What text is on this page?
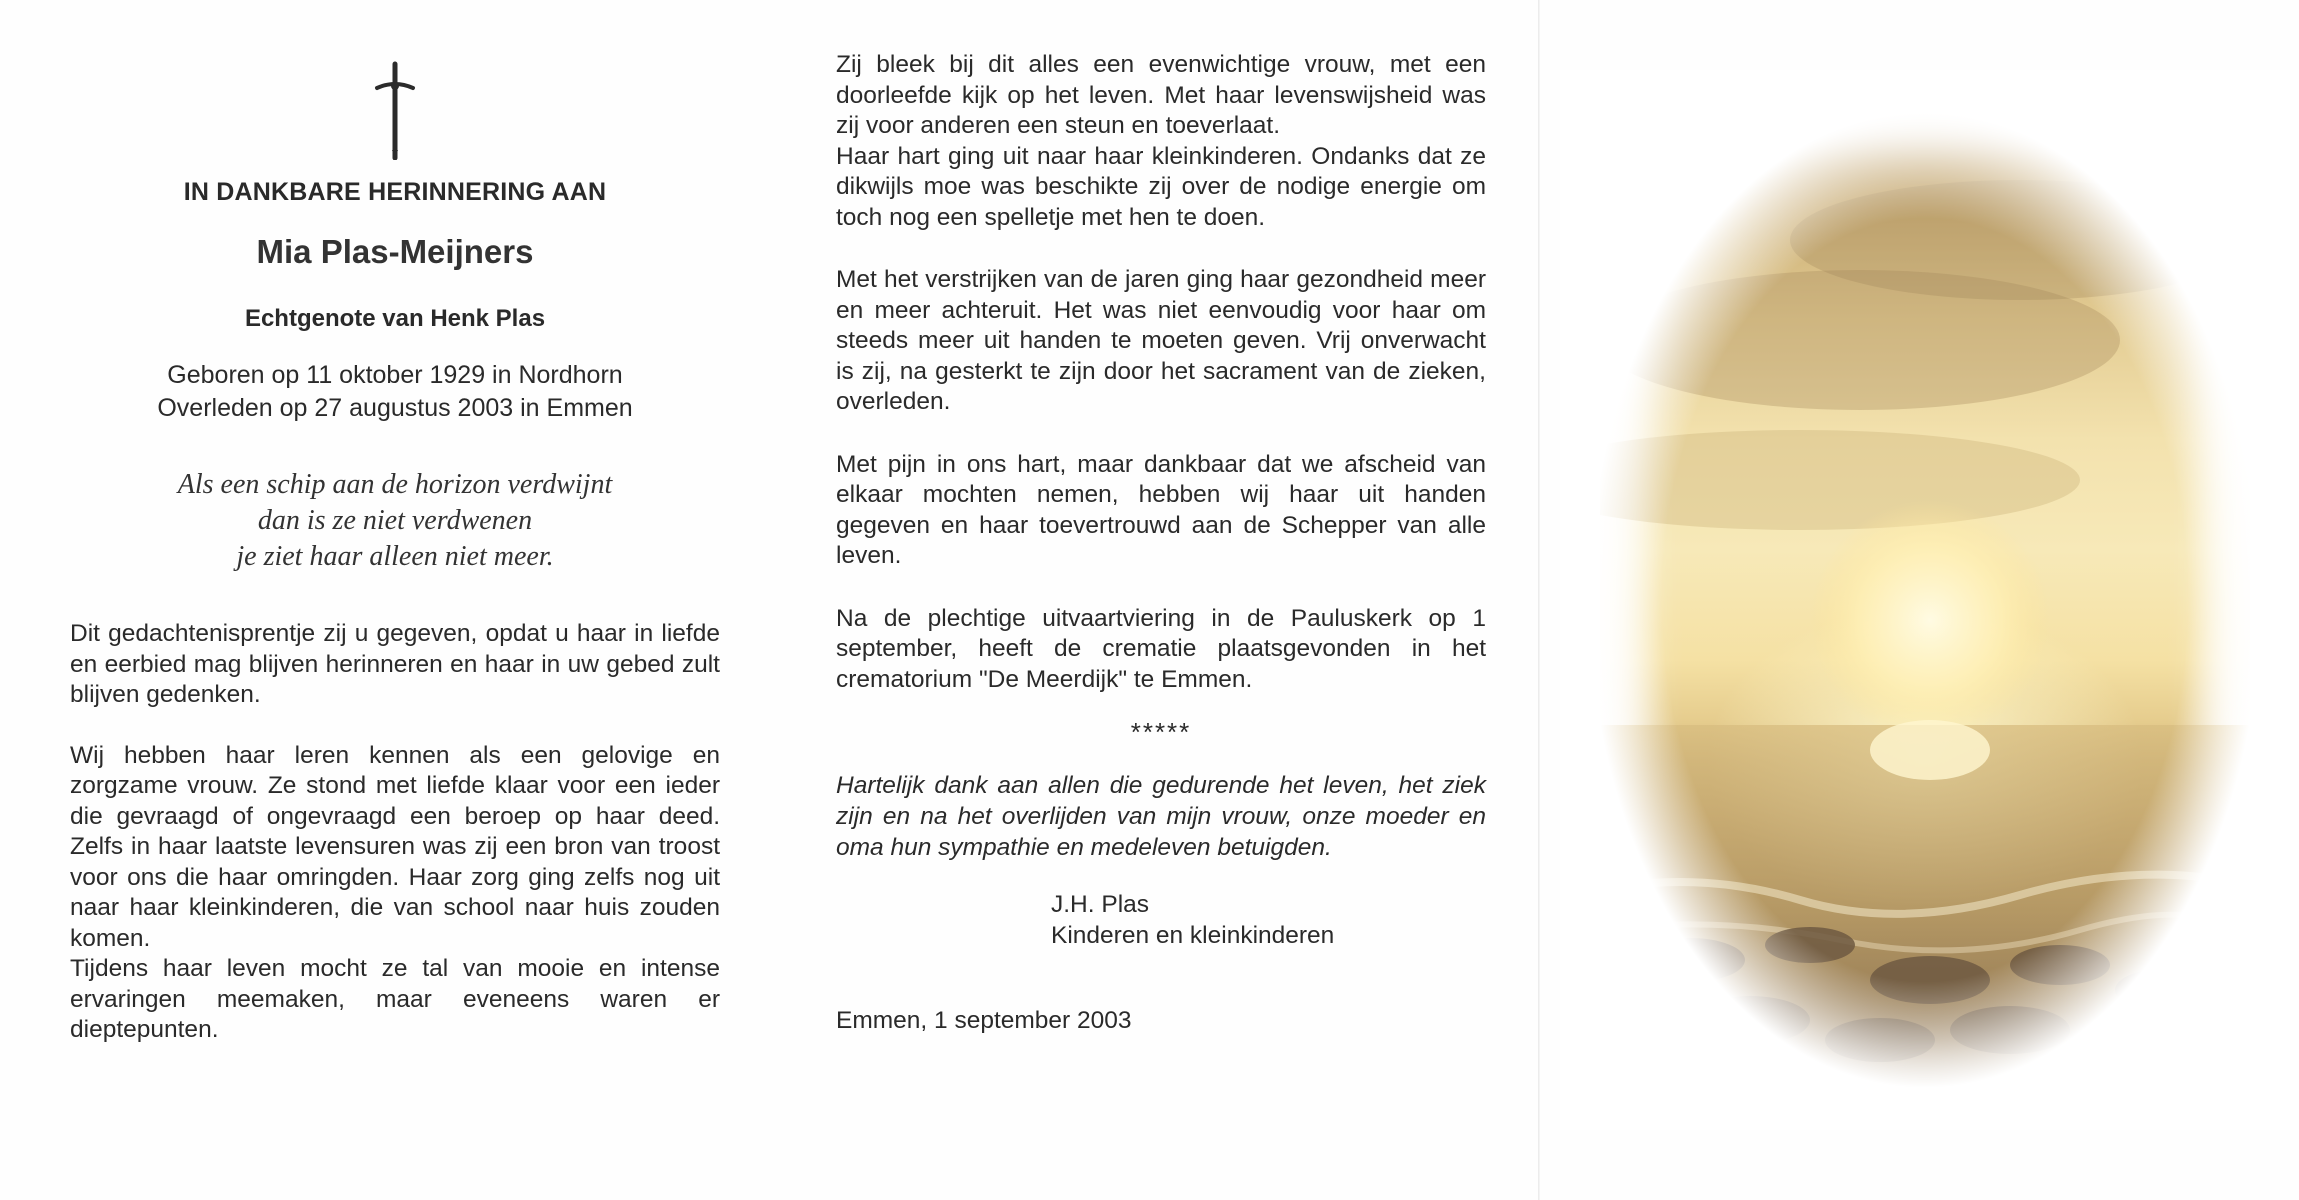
IN DANKBARE HERINNERING AAN
Mia Plas-Meijners
Echtgenote van Henk Plas
Geboren op 11 oktober 1929 in Nordhorn
Overleden op 27 augustus 2003 in Emmen
Als een schip aan de horizon verdwijnt
dan is ze niet verdwenen
je ziet haar alleen niet meer.

Dit gedachtenisprentje zij u gegeven, opdat u haar in liefde en eerbied mag blijven herinneren en haar in uw gebed zult blijven gedenken.

Wij hebben haar leren kennen als een gelovige en zorgzame vrouw. Ze stond met liefde klaar voor een ieder die gevraagd of ongevraagd een beroep op haar deed. Zelfs in haar laatste levensuren was zij een bron van troost voor ons die haar omringden. Haar zorg ging zelfs nog uit naar haar kleinkinderen, die van school naar huis zouden komen.

Tijdens haar leven mocht ze tal van mooie en intense ervaringen meemaken, maar eveneens waren er dieptepunten.

Zij bleek bij dit alles een evenwichtige vrouw, met een doorleefde kijk op het leven. Met haar levenswijsheid was zij voor anderen een steun en toeverlaat.

Haar hart ging uit naar haar kleinkinderen. Ondanks dat ze dikwijls moe was beschikte zij over de nodige energie om toch nog een spelletje met hen te doen.

Met het verstrijken van de jaren ging haar gezondheid meer en meer achteruit. Het was niet eenvoudig voor haar om steeds meer uit handen te moeten geven. Vrij onverwacht is zij, na gesterkt te zijn door het sacrament van de zieken, overleden.

Met pijn in ons hart, maar dankbaar dat we afscheid van elkaar mochten nemen, hebben wij haar uit handen gegeven en haar toevertrouwd aan de Schepper van alle leven.

Na de plechtige uitvaartviering in de Pauluskerk op 1 september, heeft de crematie plaatsgevonden in het crematorium "De Meerdijk" te Emmen.

*****

Hartelijk dank aan allen die gedurende het leven, het ziek zijn en na het overlijden van mijn vrouw, onze moeder en oma hun sympathie en medeleven betuigden.

J.H. Plas
Kinderen en kleinkinderen
Emmen, 1 september 2003
